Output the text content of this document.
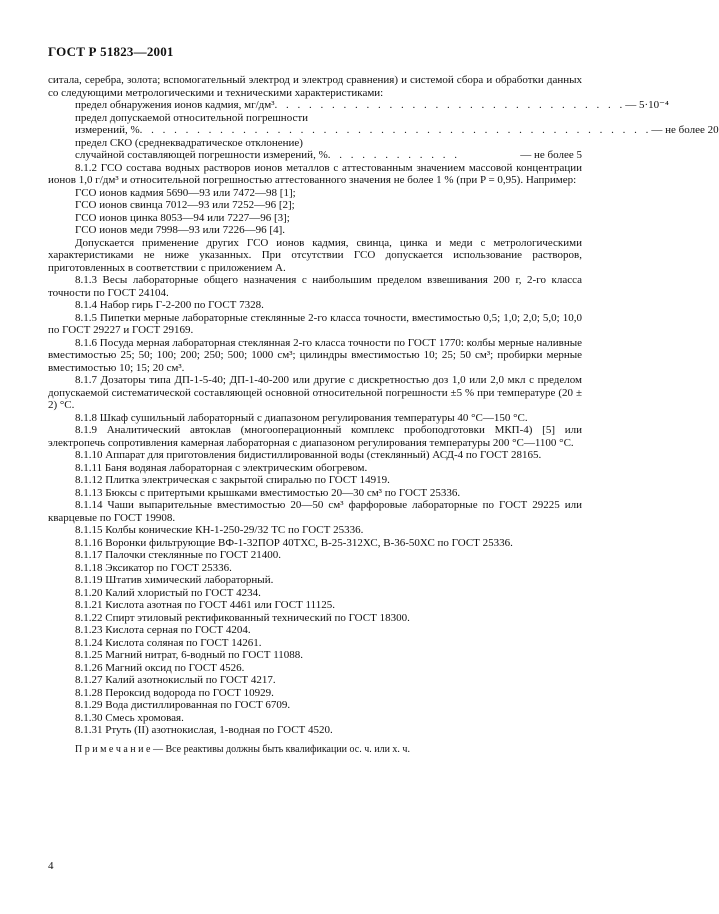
ГОСТ Р 51823—2001

ситала, серебра, золота; вспомогательный электрод и электрод сравнения) и системой сбора и обработки данных со следующими метрологическими и техническими характеристиками:

предел обнаружения ионов кадмия, мг/дм³ . . . . . . . . . . . . . . . . . . . . . . . . . . . . . . . — 5·10⁻⁴

предел допускаемой относительной погрешности

измерений, % . . . . . . . . . . . . . . . . . . . . . . . . . . . . . . . . . . . . . . . . . . . . . — не более 20

предел СКО (среднеквадратическое отклонение)

случайной составляющей погрешности измерений, % . . . . . . . . . . . .	— не более 5

8.1.2 ГСО состава водных растворов ионов металлов с аттестованным значением массовой концентрации ионов 1,0 г/дм³ и относительной погрешностью аттестованного значения не более 1 % (при P = 0,95). Например:

ГСО ионов кадмия 5690—93 или 7472—98 [1];

ГСО ионов свинца 7012—93 или 7252—96 [2];

ГСО ионов цинка 8053—94 или 7227—96 [3];

ГСО ионов меди 7998—93 или 7226—96 [4].

Допускается применение других ГСО ионов кадмия, свинца, цинка и меди с метрологическими характеристиками не ниже указанных. При отсутствии ГСО допускается использование растворов, приготовленных в соответствии с приложением А.

8.1.3 Весы лабораторные общего назначения с наибольшим пределом взвешивания 200 г, 2-го класса точности по ГОСТ 24104.

8.1.4 Набор гирь Г-2-200 по ГОСТ 7328.

8.1.5 Пипетки мерные лабораторные стеклянные 2-го класса точности, вместимостью 0,5; 1,0; 2,0; 5,0; 10,0 по ГОСТ 29227 и ГОСТ 29169.

8.1.6 Посуда мерная лабораторная стеклянная 2-го класса точности по ГОСТ 1770: колбы мерные наливные вместимостью 25; 50; 100; 200; 250; 500; 1000 см³; цилиндры вместимостью 10; 25; 50 см³; пробирки мерные вместимостью 10; 15; 20 см³.

8.1.7 Дозаторы типа ДП-1-5-40; ДП-1-40-200 или другие с дискретностью доз 1,0 или 2,0 мкл с пределом допускаемой систематической составляющей основной относительной погрешности ±5 % при температуре (20 ± 2) °С.

8.1.8 Шкаф сушильный лабораторный с диапазоном регулирования температуры 40 °С—150 °С.

8.1.9 Аналитический автоклав (многооперационный комплекс пробоподготовки МКП-4) [5] или электропечь сопротивления камерная лабораторная с диапазоном регулирования температуры 200 °С—1100 °С.

8.1.10 Аппарат для приготовления бидистиллированной воды (стеклянный) АСД-4 по ГОСТ 28165.

8.1.11 Баня водяная лабораторная с электрическим обогревом.

8.1.12 Плитка электрическая с закрытой спиралью по ГОСТ 14919.

8.1.13 Бюксы с притертыми крышками вместимостью 20—30 см³ по ГОСТ 25336.

8.1.14 Чаши выпарительные вместимостью 20—50 см³ фарфоровые лабораторные по ГОСТ 29225 или кварцевые по ГОСТ 19908.

8.1.15 Колбы конические КН-1-250-29/32 ТС по ГОСТ 25336.

8.1.16 Воронки фильтрующие ВФ-1-32ПОР 40ТХС, В-25-312ХС, В-36-50ХС по ГОСТ 25336.

8.1.17 Палочки стеклянные по ГОСТ 21400.

8.1.18 Эксикатор по ГОСТ 25336.

8.1.19 Штатив химический лабораторный.

8.1.20 Калий хлористый по ГОСТ 4234.

8.1.21 Кислота азотная по ГОСТ 4461 или ГОСТ 11125.

8.1.22 Спирт этиловый ректификованный технический по ГОСТ 18300.

8.1.23 Кислота серная по ГОСТ 4204.

8.1.24 Кислота соляная по ГОСТ 14261.

8.1.25 Магний нитрат, 6-водный по ГОСТ 11088.

8.1.26 Магний оксид по ГОСТ 4526.

8.1.27 Калий азотнокислый по ГОСТ 4217.

8.1.28 Пероксид водорода по ГОСТ 10929.

8.1.29 Вода дистиллированная по ГОСТ 6709.

8.1.30 Смесь хромовая.

8.1.31 Ртуть (II) азотнокислая, 1-водная по ГОСТ 4520.

П р и м е ч а н и е — Все реактивы должны быть квалификации ос. ч. или х. ч.

4
